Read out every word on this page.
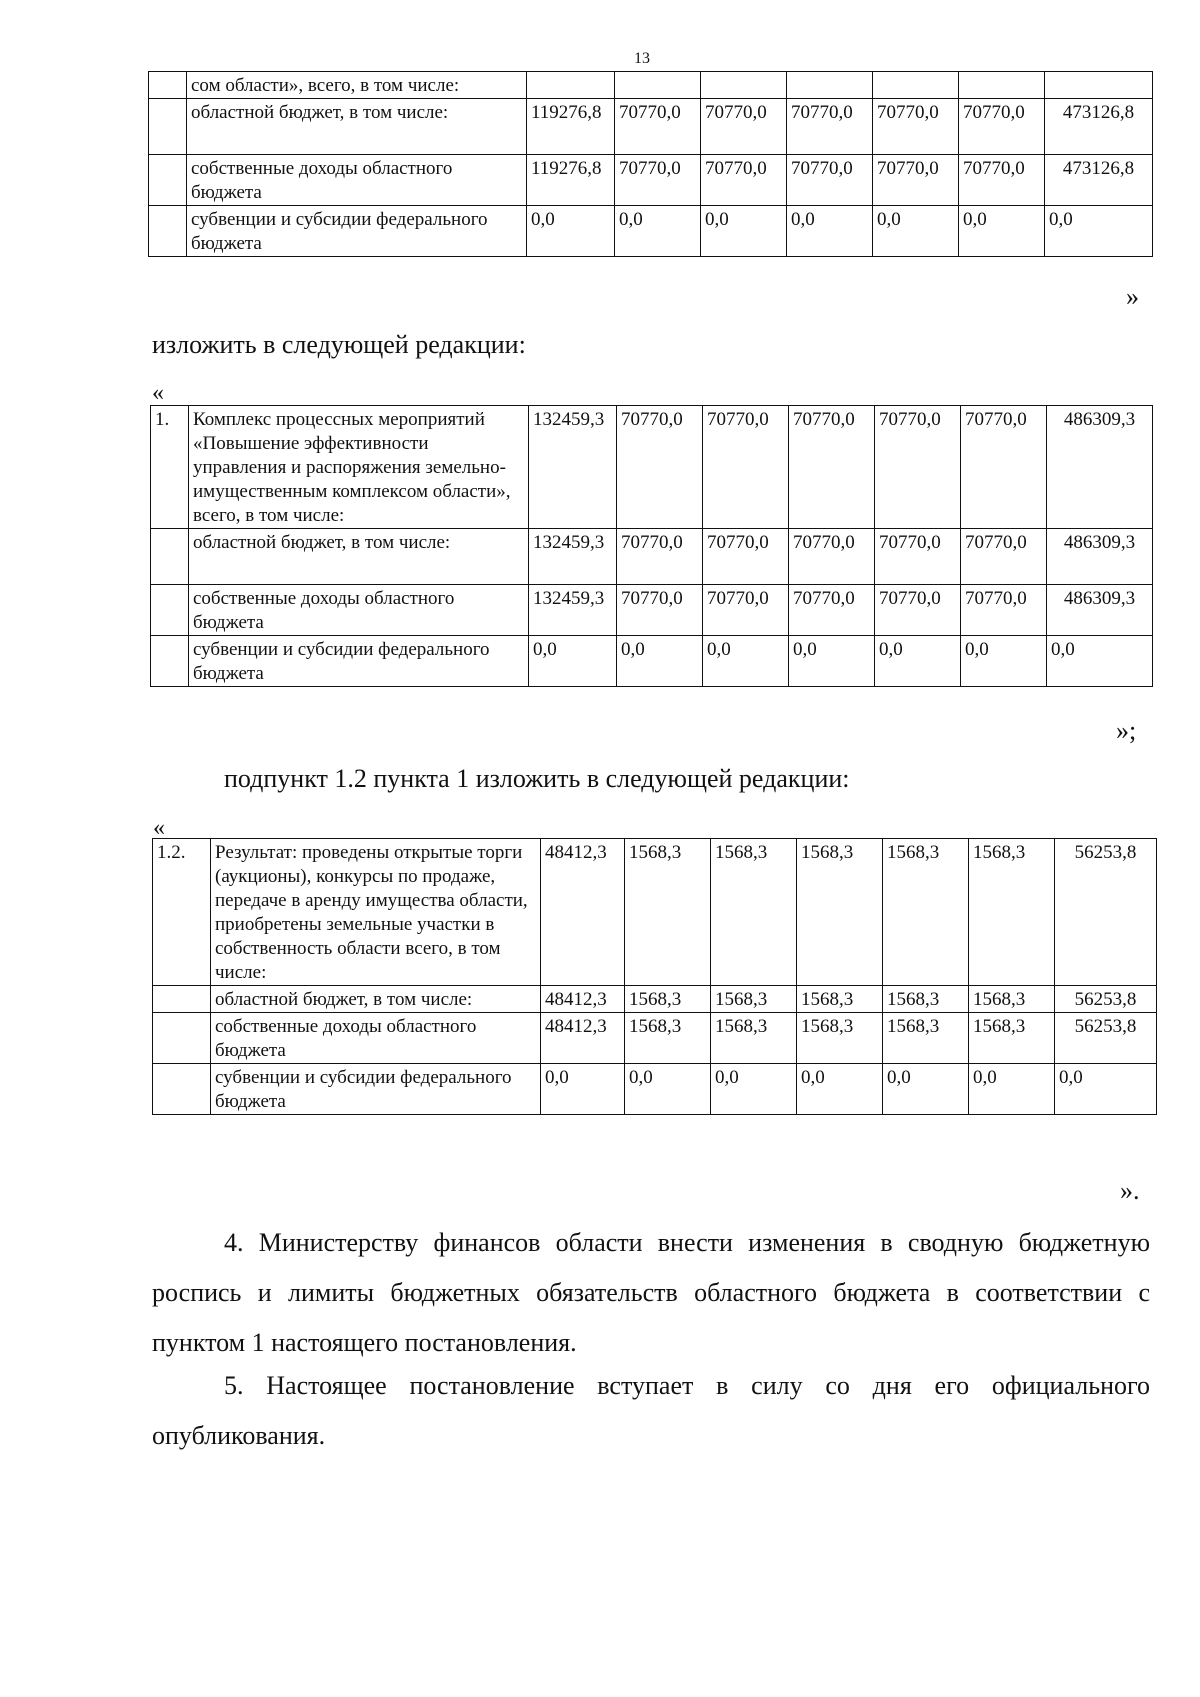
13
	сом области», всего, в том числе:							
	областной бюджет, в том числе:	119276,8	70770,0	70770,0	70770,0	70770,0	70770,0	473126,8
	собственные доходы областного бюджета	119276,8	70770,0	70770,0	70770,0	70770,0	70770,0	473126,8
	субвенции и субсидии федерального бюджета	0,0	0,0	0,0	0,0	0,0	0,0	0,0
»
изложить в следующей редакции:
«
1.	Комплекс процессных мероприятий «Повышение эффективности управления и распоряжения земельно-имущественным комплексом области», всего, в том числе:	132459,3	70770,0	70770,0	70770,0	70770,0	70770,0	486309,3
	областной бюджет, в том числе:	132459,3	70770,0	70770,0	70770,0	70770,0	70770,0	486309,3
	собственные доходы областного бюджета	132459,3	70770,0	70770,0	70770,0	70770,0	70770,0	486309,3
	субвенции и субсидии федерального бюджета	0,0	0,0	0,0	0,0	0,0	0,0	0,0
»;
подпункт 1.2 пункта 1 изложить в следующей редакции:
«
1.2.	Результат: проведены открытые торги (аукционы), конкурсы по продаже, передаче в аренду имущества области, приобретены земельные участки в собственность области всего, в том числе:	48412,3	1568,3	1568,3	1568,3	1568,3	1568,3	56253,8
	областной бюджет, в том числе:	48412,3	1568,3	1568,3	1568,3	1568,3	1568,3	56253,8
	собственные доходы областного бюджета	48412,3	1568,3	1568,3	1568,3	1568,3	1568,3	56253,8
	субвенции и субсидии федерального бюджета	0,0	0,0	0,0	0,0	0,0	0,0	0,0
».
4. Министерству финансов области внести изменения в сводную бюджетную роспись и лимиты бюджетных обязательств областного бюджета в соответствии с пунктом 1 настоящего постановления.
5. Настоящее постановление вступает в силу со дня его официального опубликования.
